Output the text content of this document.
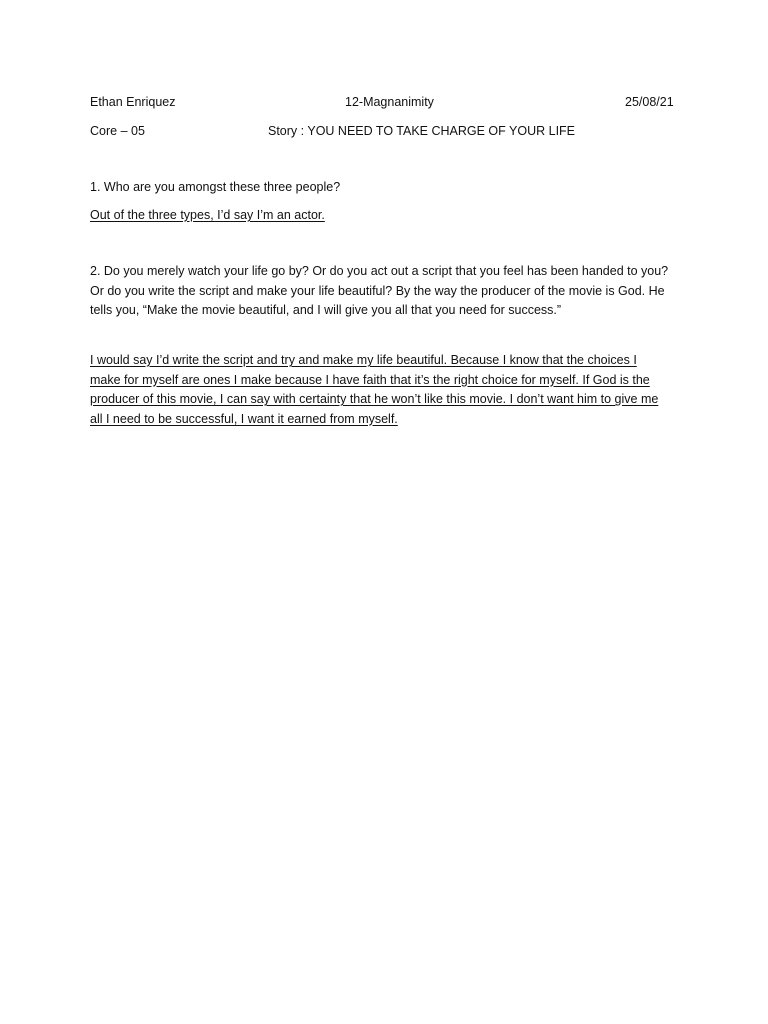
Ethan Enriquez	12-Magnanimity	25/08/21
Core – 05	Story : YOU NEED TO TAKE CHARGE OF YOUR LIFE
1. Who are you amongst these three people?
Out of the three types, I’d say I’m an actor.
2. Do you merely watch your life go by? Or do you act out a script that you feel has been handed to you?
Or do you write the script and make your life beautiful? By the way the producer of the movie is God. He
tells you, “Make the movie beautiful, and I will give you all that you need for success.”
I would say I’d write the script and try and make my life beautiful. Because I know that the choices I
make for myself are ones I make because I have faith that it’s the right choice for myself. If God is the
producer of this movie, I can say with certainty that he won’t like this movie. I don’t want him to give me
all I need to be successful, I want it earned from myself.
